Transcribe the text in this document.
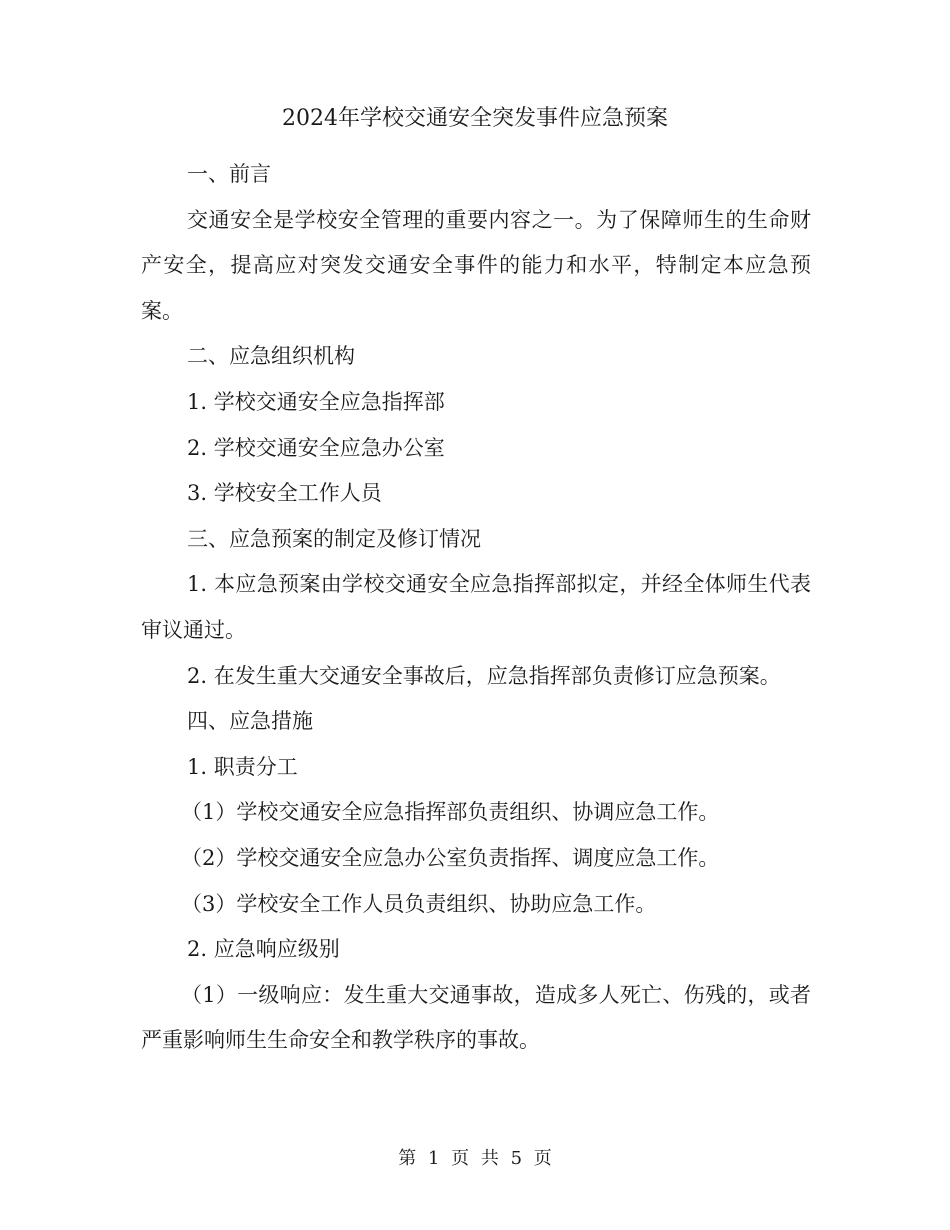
2024年学校交通安全突发事件应急预案

一、前言

交通安全是学校安全管理的重要内容之一。为了保障师生的生命财产安全，提高应对突发交通安全事件的能力和水平，特制定本应急预案。

二、应急组织机构

1. 学校交通安全应急指挥部

2. 学校交通安全应急办公室

3. 学校安全工作人员

三、应急预案的制定及修订情况

1. 本应急预案由学校交通安全应急指挥部拟定，并经全体师生代表审议通过。

2. 在发生重大交通安全事故后，应急指挥部负责修订应急预案。

四、应急措施

1. 职责分工

（1）学校交通安全应急指挥部负责组织、协调应急工作。

（2）学校交通安全应急办公室负责指挥、调度应急工作。

（3）学校安全工作人员负责组织、协助应急工作。

2. 应急响应级别

（1）一级响应：发生重大交通事故，造成多人死亡、伤残的，或者严重影响师生生命安全和教学秩序的事故。

第 1 页 共 5 页
